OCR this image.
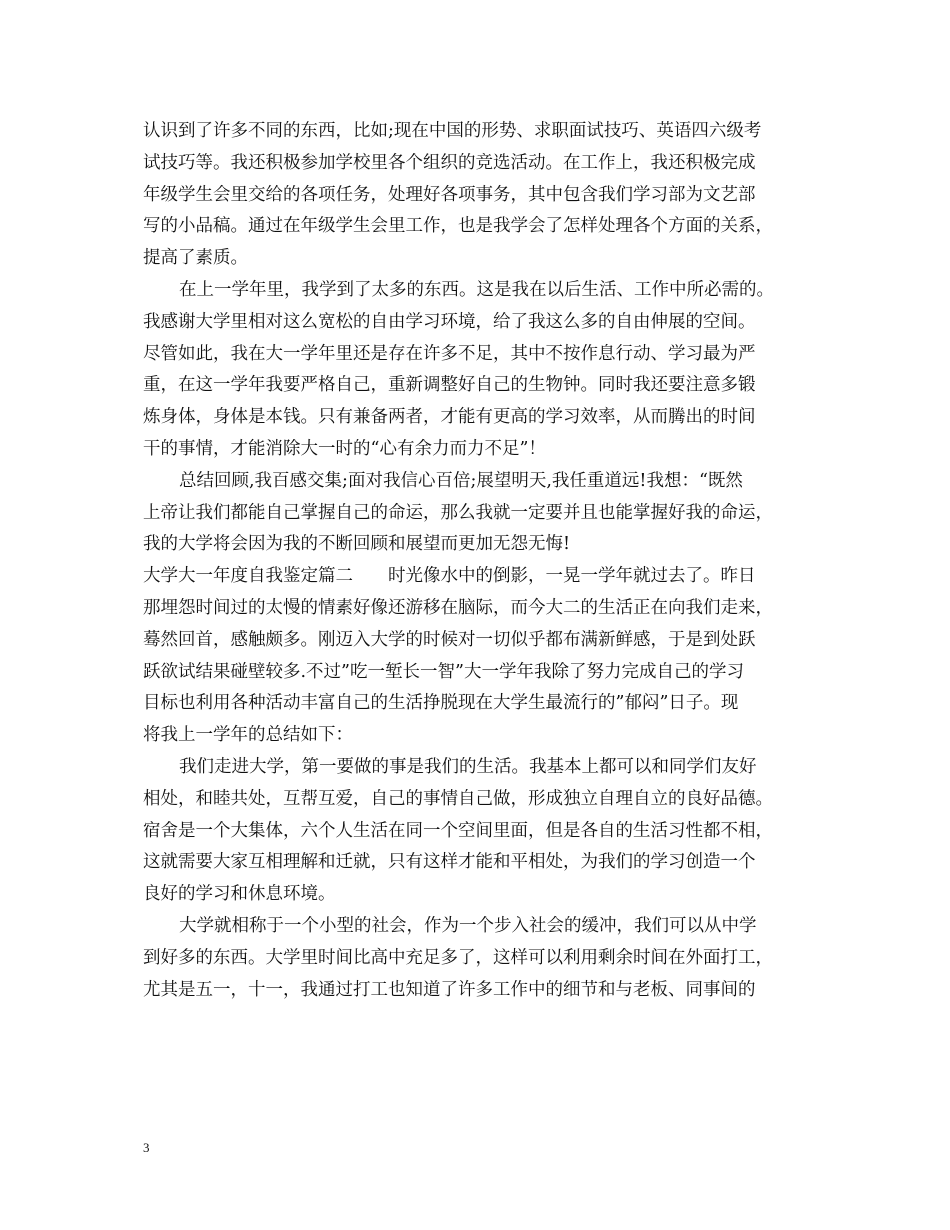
认识到了许多不同的东西，比如;现在中国的形势、求职面试技巧、英语四六级考
试技巧等。我还积极参加学校里各个组织的竞选活动。在工作上，我还积极完成
年级学生会里交给的各项任务，处理好各项事务，其中包含我们学习部为文艺部
写的小品稿。通过在年级学生会里工作，也是我学会了怎样处理各个方面的关系，
提高了素质。
在上一学年里，我学到了太多的东西。这是我在以后生活、工作中所必需的。
我感谢大学里相对这么宽松的自由学习环境，给了我这么多的自由伸展的空间。
尽管如此，我在大一学年里还是存在许多不足，其中不按作息行动、学习最为严
重，在这一学年我要严格自己，重新调整好自己的生物钟。同时我还要注意多锻
炼身体，身体是本钱。只有兼备两者，才能有更高的学习效率，从而腾出的时间
干的事情，才能消除大一时的“心有余力而力不足”！
总结回顾,我百感交集;面对我信心百倍;展望明天,我任重道远!我想：“既然
上帝让我们都能自己掌握自己的命运，那么我就一定要并且也能掌握好我的命运，
我的大学将会因为我的不断回顾和展望而更加无怨无悔!
大学大一年度自我鉴定篇二　　时光像水中的倒影，一晃一学年就过去了。昨日
那埋怨时间过的太慢的情素好像还游移在脑际，而今大二的生活正在向我们走来，
蓦然回首，感触颇多。刚迈入大学的时候对一切似乎都布满新鲜感，于是到处跃
跃欲试结果碰壁较多.不过”吃一堑长一智”大一学年我除了努力完成自己的学习
目标也利用各种活动丰富自己的生活挣脱现在大学生最流行的”郁闷”日子。现
将我上一学年的总结如下：
我们走进大学，第一要做的事是我们的生活。我基本上都可以和同学们友好
相处，和睦共处，互帮互爱，自己的事情自己做，形成独立自理自立的良好品德。
宿舍是一个大集体，六个人生活在同一个空间里面，但是各自的生活习性都不相，
这就需要大家互相理解和迁就，只有这样才能和平相处，为我们的学习创造一个
良好的学习和休息环境。
大学就相称于一个小型的社会，作为一个步入社会的缓冲，我们可以从中学
到好多的东西。大学里时间比高中充足多了，这样可以利用剩余时间在外面打工，
尤其是五一，十一，我通过打工也知道了许多工作中的细节和与老板、同事间的
3
